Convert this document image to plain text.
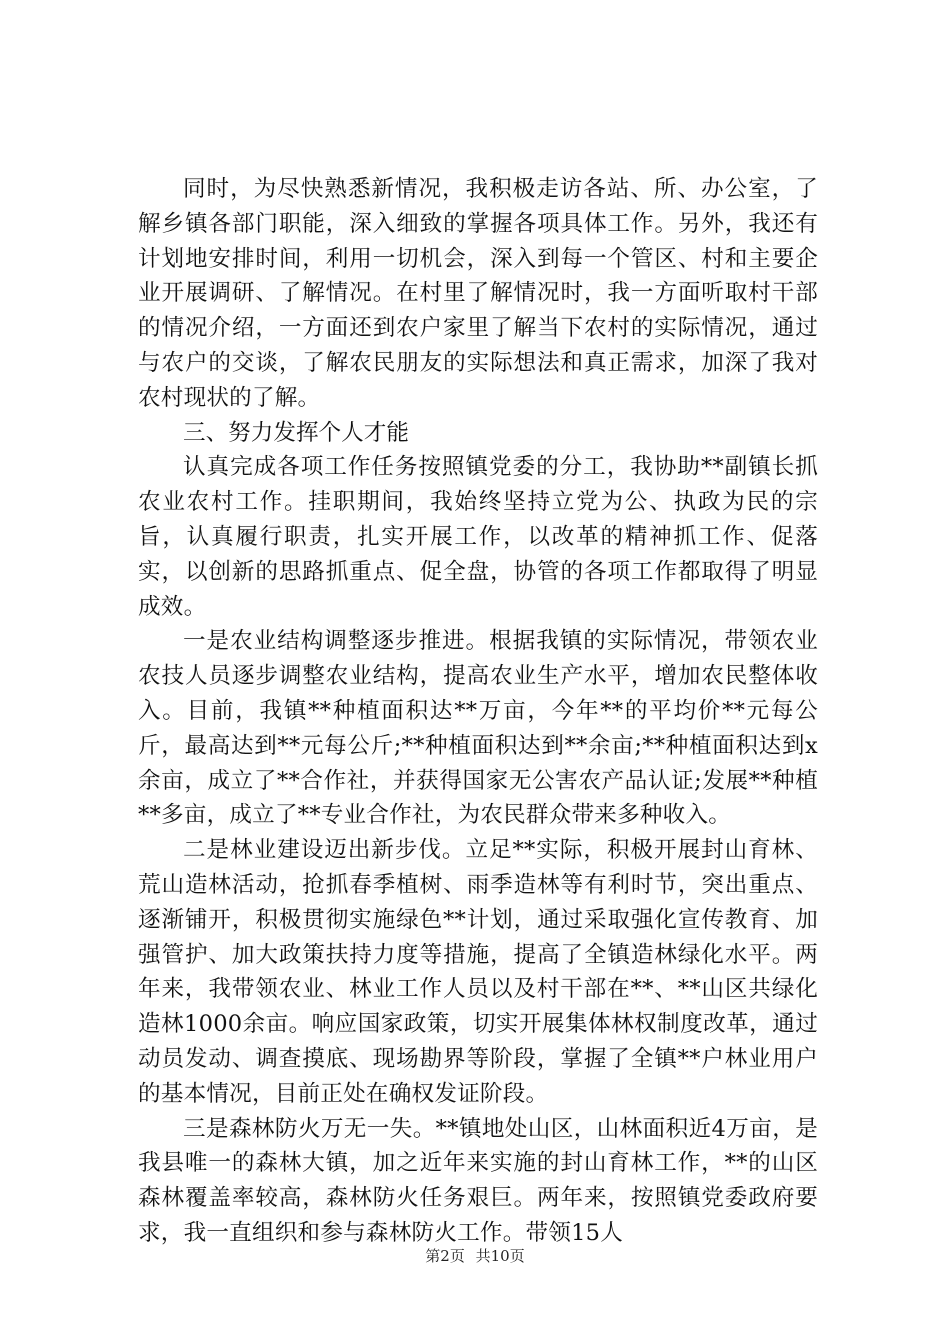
同时，为尽快熟悉新情况，我积极走访各站、所、办公室，了解乡镇各部门职能，深入细致的掌握各项具体工作。另外，我还有计划地安排时间，利用一切机会，深入到每一个管区、村和主要企业开展调研、了解情况。在村里了解情况时，我一方面听取村干部的情况介绍，一方面还到农户家里了解当下农村的实际情况，通过与农户的交谈，了解农民朋友的实际想法和真正需求，加深了我对农村现状的了解。

三、努力发挥个人才能

认真完成各项工作任务按照镇党委的分工，我协助**副镇长抓农业农村工作。挂职期间，我始终坚持立党为公、执政为民的宗旨，认真履行职责，扎实开展工作，以改革的精神抓工作、促落实，以创新的思路抓重点、促全盘，协管的各项工作都取得了明显成效。

一是农业结构调整逐步推进。根据我镇的实际情况，带领农业农技人员逐步调整农业结构，提高农业生产水平，增加农民整体收入。目前，我镇**种植面积达**万亩，今年**的平均价**元每公斤，最高达到**元每公斤;**种植面积达到**余亩;**种植面积达到x余亩，成立了**合作社，并获得国家无公害农产品认证;发展**种植**多亩，成立了**专业合作社，为农民群众带来多种收入。

二是林业建设迈出新步伐。立足**实际，积极开展封山育林、荒山造林活动，抢抓春季植树、雨季造林等有利时节，突出重点、逐渐铺开，积极贯彻实施绿色**计划，通过采取强化宣传教育、加强管护、加大政策扶持力度等措施，提高了全镇造林绿化水平。两年来，我带领农业、林业工作人员以及村干部在**、**山区共绿化造林1000余亩。响应国家政策，切实开展集体林权制度改革，通过动员发动、调查摸底、现场勘界等阶段，掌握了全镇**户林业用户的基本情况，目前正处在确权发证阶段。

三是森林防火万无一失。**镇地处山区，山林面积近4万亩，是我县唯一的森林大镇，加之近年来实施的封山育林工作，**的山区森林覆盖率较高，森林防火任务艰巨。两年来，按照镇党委政府要求，我一直组织和参与森林防火工作。带领15人

第2页 共10页
